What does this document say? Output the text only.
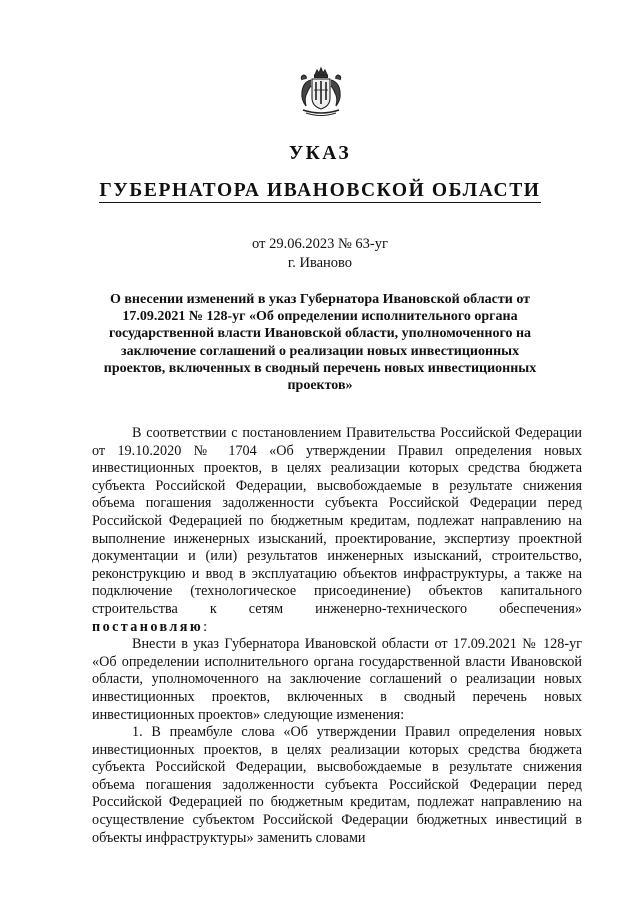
УКАЗ
ГУБЕРНАТОРА ИВАНОВСКОЙ ОБЛАСТИ
от 29.06.2023 № 63-уг
г. Иваново
О внесении изменений в указ Губернатора Ивановской области от 17.09.2021 № 128-уг «Об определении исполнительного органа государственной власти Ивановской области, уполномоченного на заключение соглашений о реализации новых инвестиционных проектов, включенных в сводный перечень новых инвестиционных проектов»

В соответствии с постановлением Правительства Российской Федерации от 19.10.2020 № 1704 «Об утверждении Правил определения новых инвестиционных проектов, в целях реализации которых средства бюджета субъекта Российской Федерации, высвобождаемые в результате снижения объема погашения задолженности субъекта Российской Федерации перед Российской Федерацией по бюджетным кредитам, подлежат направлению на выполнение инженерных изысканий, проектирование, экспертизу проектной документации и (или) результатов инженерных изысканий, строительство, реконструкцию и ввод в эксплуатацию объектов инфраструктуры, а также на подключение (технологическое присоединение) объектов капитального строительства к сетям инженерно-технического обеспечения» постановляю:

Внести в указ Губернатора Ивановской области от 17.09.2021 № 128-уг «Об определении исполнительного органа государственной власти Ивановской области, уполномоченного на заключение соглашений о реализации новых инвестиционных проектов, включенных в сводный перечень новых инвестиционных проектов» следующие изменения:

1. В преамбуле слова «Об утверждении Правил определения новых инвестиционных проектов, в целях реализации которых средства бюджета субъекта Российской Федерации, высвобождаемые в результате снижения объема погашения задолженности субъекта Российской Федерации перед Российской Федерацией по бюджетным кредитам, подлежат направлению на осуществление субъектом Российской Федерации бюджетных инвестиций в объекты инфраструктуры» заменить словами
